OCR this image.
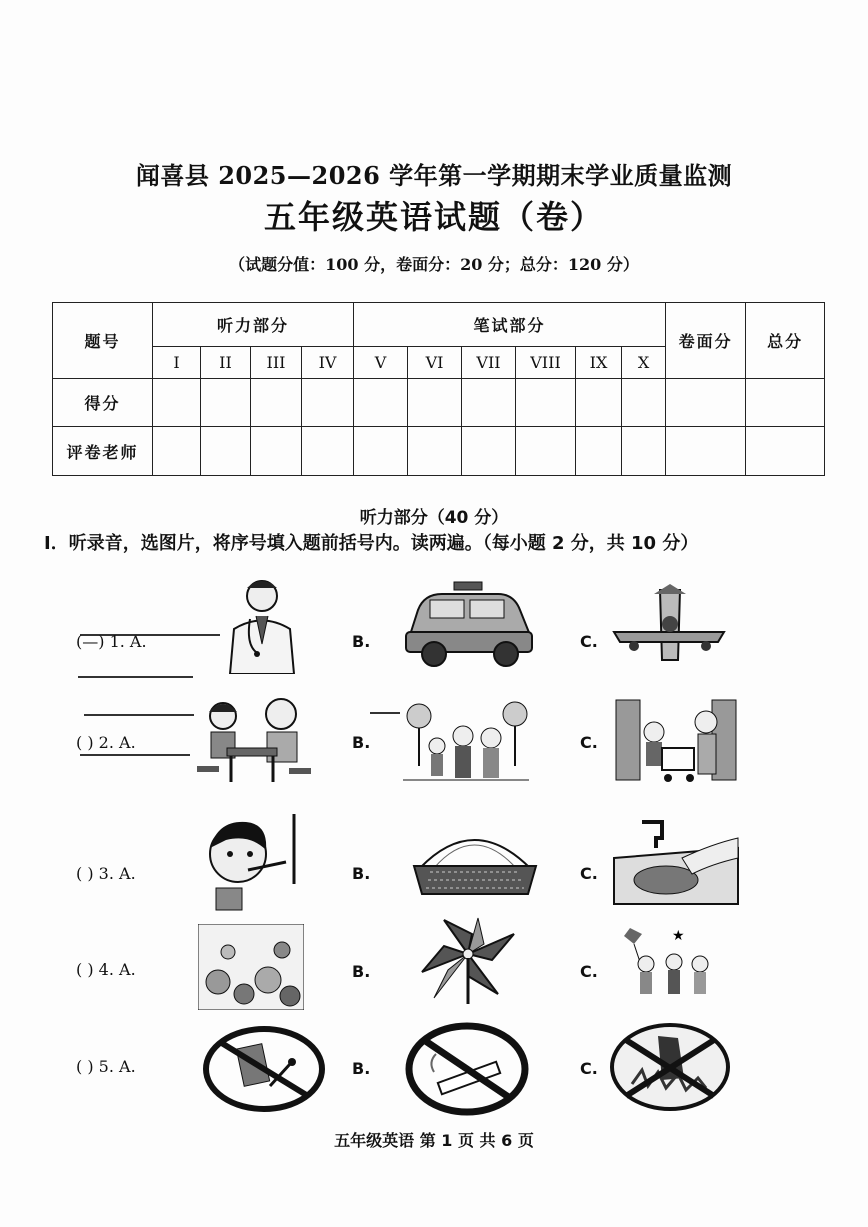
闻喜县 2025—2026 学年第一学期期末学业质量监测
五年级英语试题（卷）
（试题分值：100 分，卷面分：20 分；总分：120 分）
题号	听力部分				笔试部分						卷面分	总分
	I	II	III	IV	V	VI	VII	VIII	IX	X		
得分												
评卷老师												
听力部分（40 分）
I．听录音，选图片，将序号填入题前括号内。读两遍。（每小题 2 分，共 10 分）
(—) 1. A.	B.	C.
( ) 2. A.	B.	C.
( ) 3. A.	B.	C.
( ) 4. A.	B.	C.
★
( ) 5. A.	B.	C.
五年级英语 第 1 页 共 6 页
